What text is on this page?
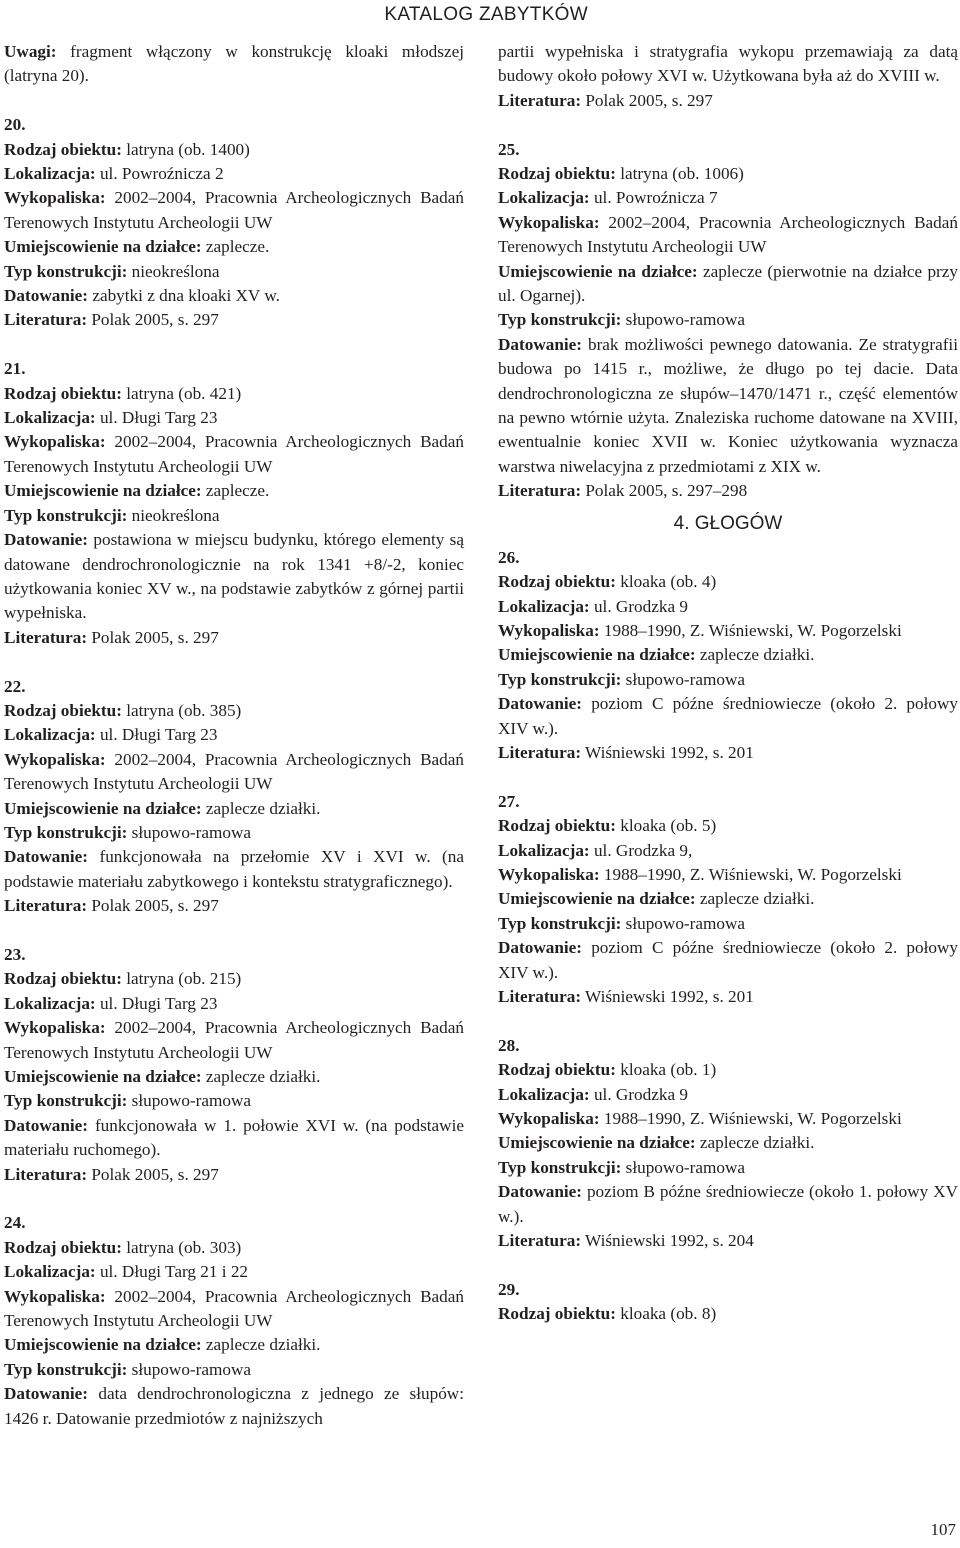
KATALOG ZABYTKÓW

Uwagi: fragment włączony w konstrukcję kloaki młodszej (latryna 20).

20.

Rodzaj obiektu: latryna (ob. 1400)

Lokalizacja: ul. Powroźnicza 2

Wykopaliska: 2002–2004, Pracownia Archeologicznych Badań Terenowych Instytutu Archeologii UW

Umiejscowienie na działce: zaplecze.

Typ konstrukcji: nieokreślona

Datowanie: zabytki z dna kloaki XV w.

Literatura: Polak 2005, s. 297

21.

Rodzaj obiektu: latryna (ob. 421)

Lokalizacja: ul. Długi Targ 23

Wykopaliska: 2002–2004, Pracownia Archeologicznych Badań Terenowych Instytutu Archeologii UW

Umiejscowienie na działce: zaplecze.

Typ konstrukcji: nieokreślona

Datowanie: postawiona w miejscu budynku, którego elementy są datowane dendrochronologicznie na rok 1341 +8/-2, koniec użytkowania koniec XV w., na podstawie zabytków z górnej partii wypełniska.

Literatura: Polak 2005, s. 297

22.

Rodzaj obiektu: latryna (ob. 385)

Lokalizacja: ul. Długi Targ 23

Wykopaliska: 2002–2004, Pracownia Archeologicznych Badań Terenowych Instytutu Archeologii UW

Umiejscowienie na działce: zaplecze działki.

Typ konstrukcji: słupowo-ramowa

Datowanie: funkcjonowała na przełomie XV i XVI w. (na podstawie materiału zabytkowego i kontekstu stratygraficznego).

Literatura: Polak 2005, s. 297

23.

Rodzaj obiektu: latryna (ob. 215)

Lokalizacja: ul. Długi Targ 23

Wykopaliska: 2002–2004, Pracownia Archeologicznych Badań Terenowych Instytutu Archeologii UW

Umiejscowienie na działce: zaplecze działki.

Typ konstrukcji: słupowo-ramowa

Datowanie: funkcjonowała w 1. połowie XVI w. (na podstawie materiału ruchomego).

Literatura: Polak 2005, s. 297

24.

Rodzaj obiektu: latryna (ob. 303)

Lokalizacja: ul. Długi Targ 21 i 22

Wykopaliska: 2002–2004, Pracownia Archeologicznych Badań Terenowych Instytutu Archeologii UW

Umiejscowienie na działce: zaplecze działki.

Typ konstrukcji: słupowo-ramowa

Datowanie: data dendrochronologiczna z jednego ze słupów: 1426 r. Datowanie przedmiotów z najniższych

partii wypełniska i stratygrafia wykopu przemawiają za datą budowy około połowy XVI w. Użytkowana była aż do XVIII w.

Literatura: Polak 2005, s. 297

25.

Rodzaj obiektu: latryna (ob. 1006)

Lokalizacja: ul. Powroźnicza 7

Wykopaliska: 2002–2004, Pracownia Archeologicznych Badań Terenowych Instytutu Archeologii UW

Umiejscowienie na działce: zaplecze (pierwotnie na działce przy ul. Ogarnej).

Typ konstrukcji: słupowo-ramowa

Datowanie: brak możliwości pewnego datowania. Ze stratygrafii budowa po 1415 r., możliwe, że długo po tej dacie. Data dendrochronologiczna ze słupów–1470/1471 r., część elementów na pewno wtórnie użyta. Znaleziska ruchome datowane na XVIII, ewentualnie koniec XVII w. Koniec użytkowania wyznacza warstwa niwelacyjna z przedmiotami z XIX w.

Literatura: Polak 2005, s. 297–298

4. GŁOGÓW

26.

Rodzaj obiektu: kloaka (ob. 4)

Lokalizacja: ul. Grodzka 9

Wykopaliska: 1988–1990, Z. Wiśniewski, W. Pogorzelski

Umiejscowienie na działce: zaplecze działki.

Typ konstrukcji: słupowo-ramowa

Datowanie: poziom C późne średniowiecze (około 2. połowy XIV w.).

Literatura: Wiśniewski 1992, s. 201

27.

Rodzaj obiektu: kloaka (ob. 5)

Lokalizacja: ul. Grodzka 9,

Wykopaliska: 1988–1990, Z. Wiśniewski, W. Pogorzelski

Umiejscowienie na działce: zaplecze działki.

Typ konstrukcji: słupowo-ramowa

Datowanie: poziom C późne średniowiecze (około 2. połowy XIV w.).

Literatura: Wiśniewski 1992, s. 201

28.

Rodzaj obiektu: kloaka (ob. 1)

Lokalizacja: ul. Grodzka 9

Wykopaliska: 1988–1990, Z. Wiśniewski, W. Pogorzelski

Umiejscowienie na działce: zaplecze działki.

Typ konstrukcji: słupowo-ramowa

Datowanie: poziom B późne średniowiecze (około 1. połowy XV w.).

Literatura: Wiśniewski 1992, s. 204

29.

Rodzaj obiektu: kloaka (ob. 8)

107
